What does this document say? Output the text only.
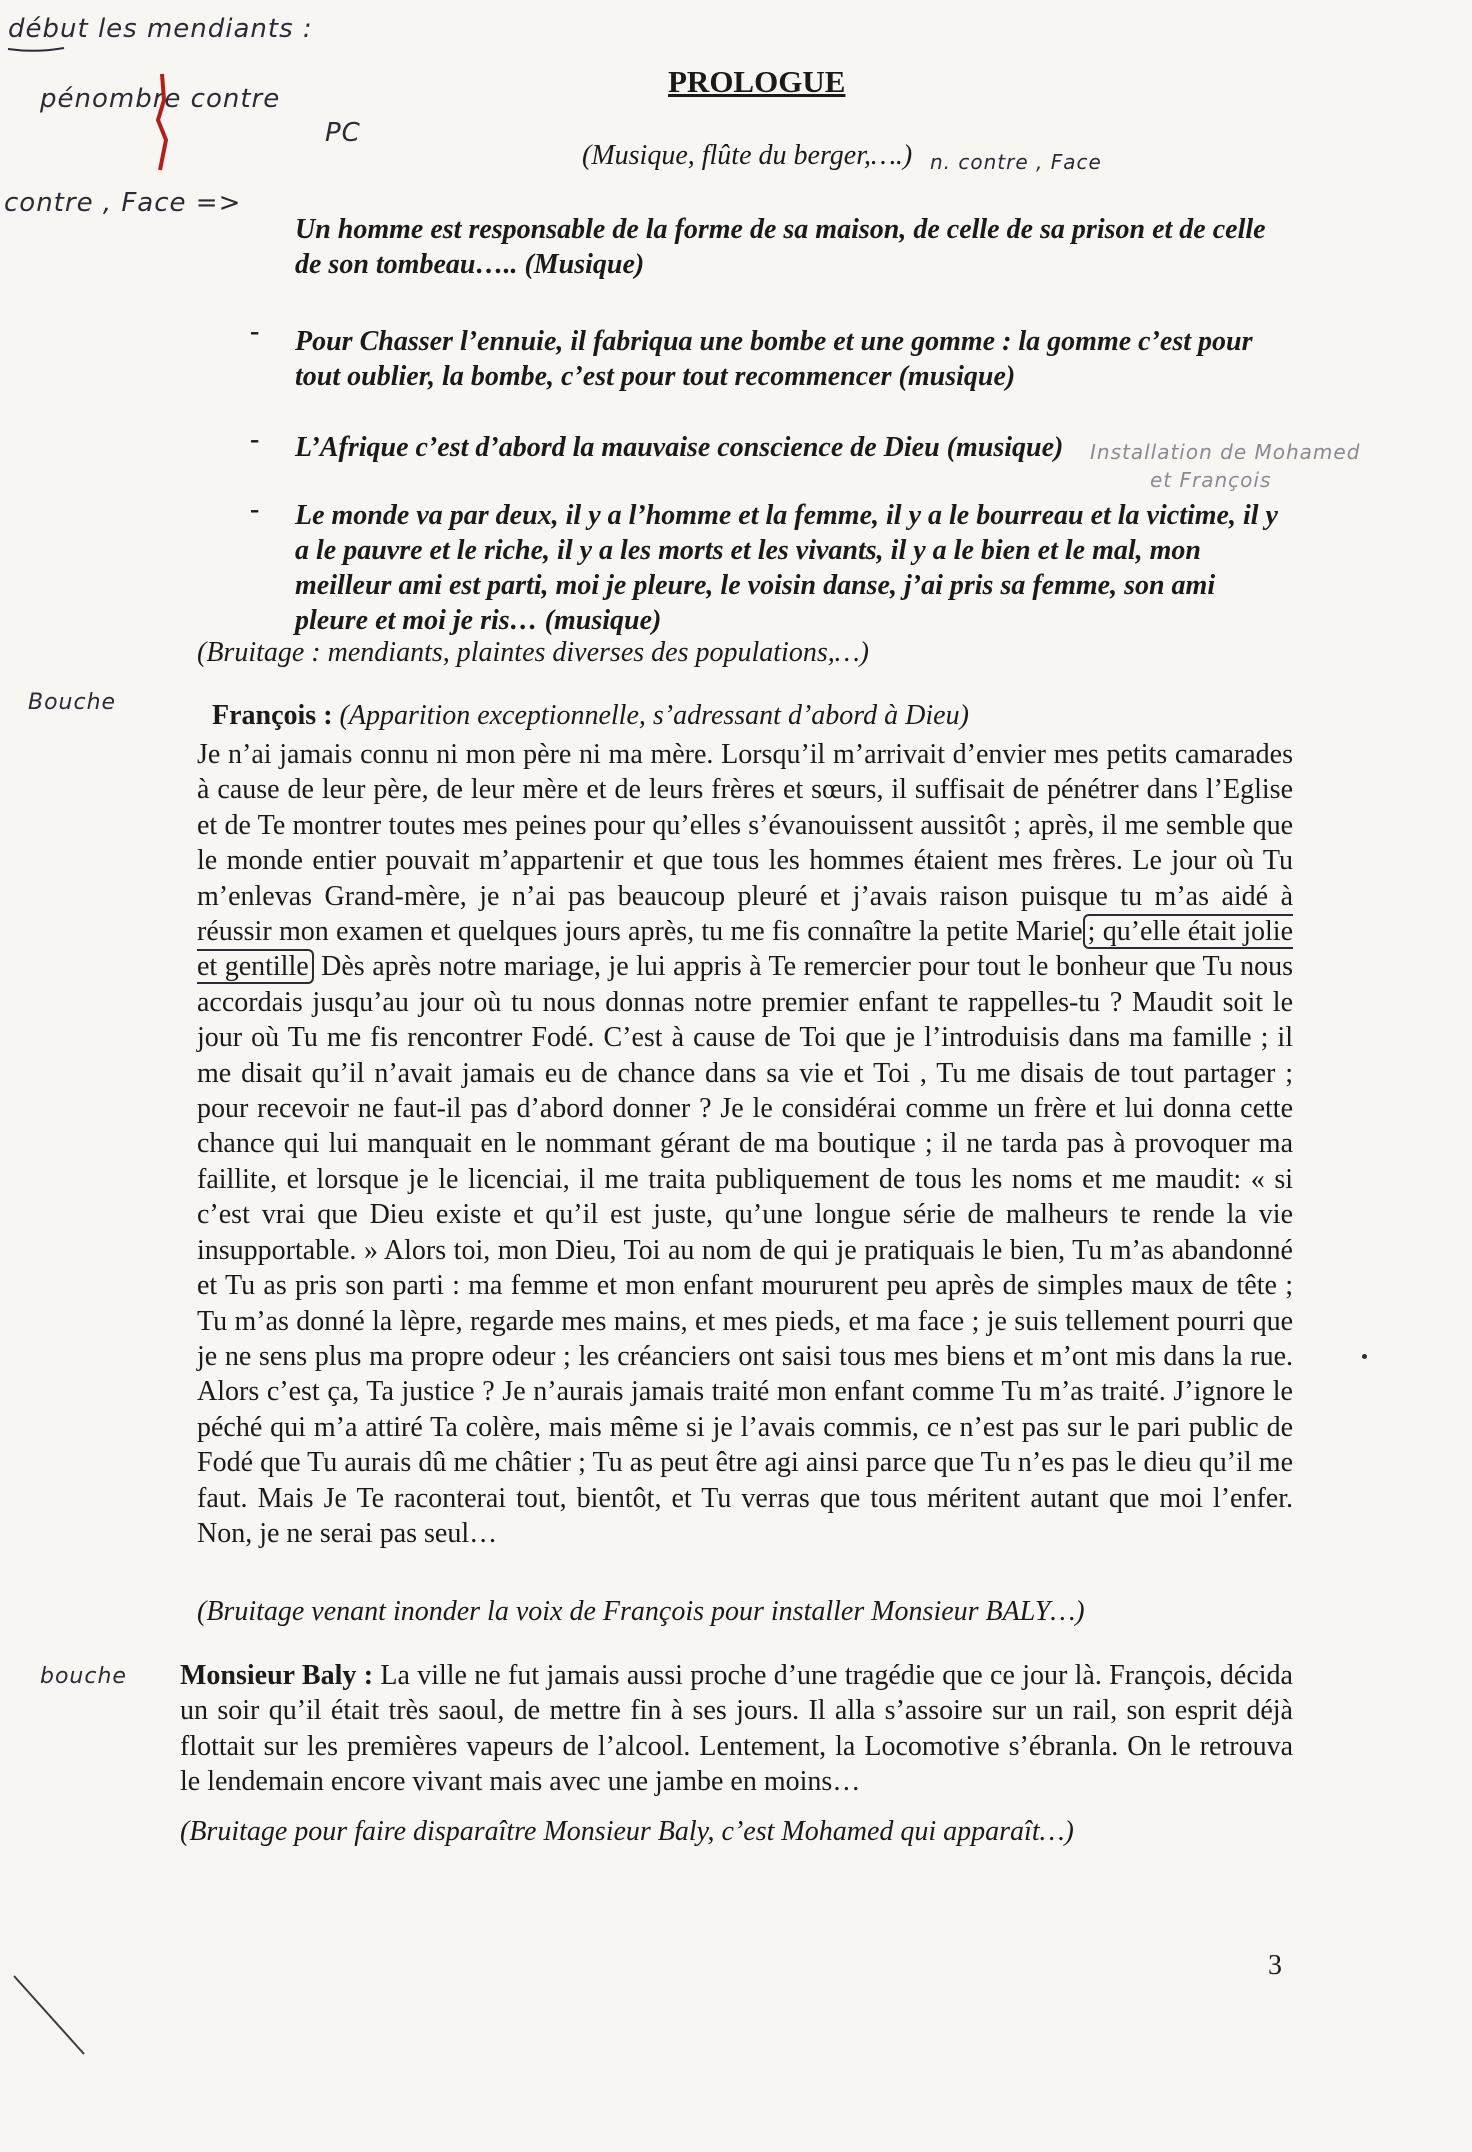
début les mendiants :
pénombre contre
PC
contre , Face =>
n. contre , Face
Installation de Mohamed
et François
Bouche
bouche
PROLOGUE
(Musique, flûte du berger,….)
Un homme est responsable de la forme de sa maison, de celle de sa prison et de celle de son tombeau….. (Musique)
- Pour Chasser l’ennuie, il fabriqua une bombe et une gomme : la gomme c’est pour tout oublier, la bombe, c’est pour tout recommencer (musique)
- L’Afrique c’est d’abord la mauvaise conscience de Dieu (musique)
- Le monde va par deux, il y a l’homme et la femme, il y a le bourreau et la victime, il y a le pauvre et le riche, il y a les morts et les vivants, il y a le bien et le mal, mon meilleur ami est parti, moi je pleure, le voisin danse, j’ai pris sa femme, son ami pleure et moi je ris… (musique)
(Bruitage : mendiants, plaintes diverses des populations,…)
François : (Apparition exceptionnelle, s’adressant d’abord à Dieu)
Je n’ai jamais connu ni mon père ni ma mère. Lorsqu’il m’arrivait d’envier mes petits camarades à cause de leur père, de leur mère et de leurs frères et sœurs, il suffisait de pénétrer dans l’Eglise et de Te montrer toutes mes peines pour qu’elles s’évanouissent aussitôt ; après, il me semble que le monde entier pouvait m’appartenir et que tous les hommes étaient mes frères. Le jour où Tu m’enlevas Grand-mère, je n’ai pas beaucoup pleuré et j’avais raison puisque tu m’as aidé à réussir mon examen et quelques jours après, tu me fis connaître la petite Marie ; qu’elle était jolie et gentille Dès après notre mariage, je lui appris à Te remercier pour tout le bonheur que Tu nous accordais jusqu’au jour où tu nous donnas notre premier enfant te rappelles-tu ? Maudit soit le jour où Tu me fis rencontrer Fodé. C’est à cause de Toi que je l’introduisis dans ma famille ; il me disait qu’il n’avait jamais eu de chance dans sa vie et Toi , Tu me disais de tout partager ; pour recevoir ne faut-il pas d’abord donner ? Je le considérai comme un frère et lui donna cette chance qui lui manquait en le nommant gérant de ma boutique ; il ne tarda pas à provoquer ma faillite, et lorsque je le licenciai, il me traita publiquement de tous les noms et me maudit: « si c’est vrai que Dieu existe et qu’il est juste, qu’une longue série de malheurs te rende la vie insupportable. » Alors toi, mon Dieu, Toi au nom de qui je pratiquais le bien, Tu m’as abandonné et Tu as pris son parti : ma femme et mon enfant moururent peu après de simples maux de tête ; Tu m’as donné la lèpre, regarde mes mains, et mes pieds, et ma face ; je suis tellement pourri que je ne sens plus ma propre odeur ; les créanciers ont saisi tous mes biens et m’ont mis dans la rue. Alors c’est ça, Ta justice ? Je n’aurais jamais traité mon enfant comme Tu m’as traité. J’ignore le péché qui m’a attiré Ta colère, mais même si je l’avais commis, ce n’est pas sur le pari public de Fodé que Tu aurais dû me châtier ; Tu as peut être agi ainsi parce que Tu n’es pas le dieu qu’il me faut. Mais Je Te raconterai tout, bientôt, et Tu verras que tous méritent autant que moi l’enfer. Non, je ne serai pas seul…
(Bruitage venant inonder la voix de François pour installer Monsieur BALY…)
Monsieur Baly : La ville ne fut jamais aussi proche d’une tragédie que ce jour là. François, décida un soir qu’il était très saoul, de mettre fin à ses jours. Il alla s’assoire sur un rail, son esprit déjà flottait sur les premières vapeurs de l’alcool. Lentement, la Locomotive s’ébranla. On le retrouva le lendemain encore vivant mais avec une jambe en moins…
(Bruitage pour faire disparaître Monsieur Baly, c’est Mohamed qui apparaît…)
3
